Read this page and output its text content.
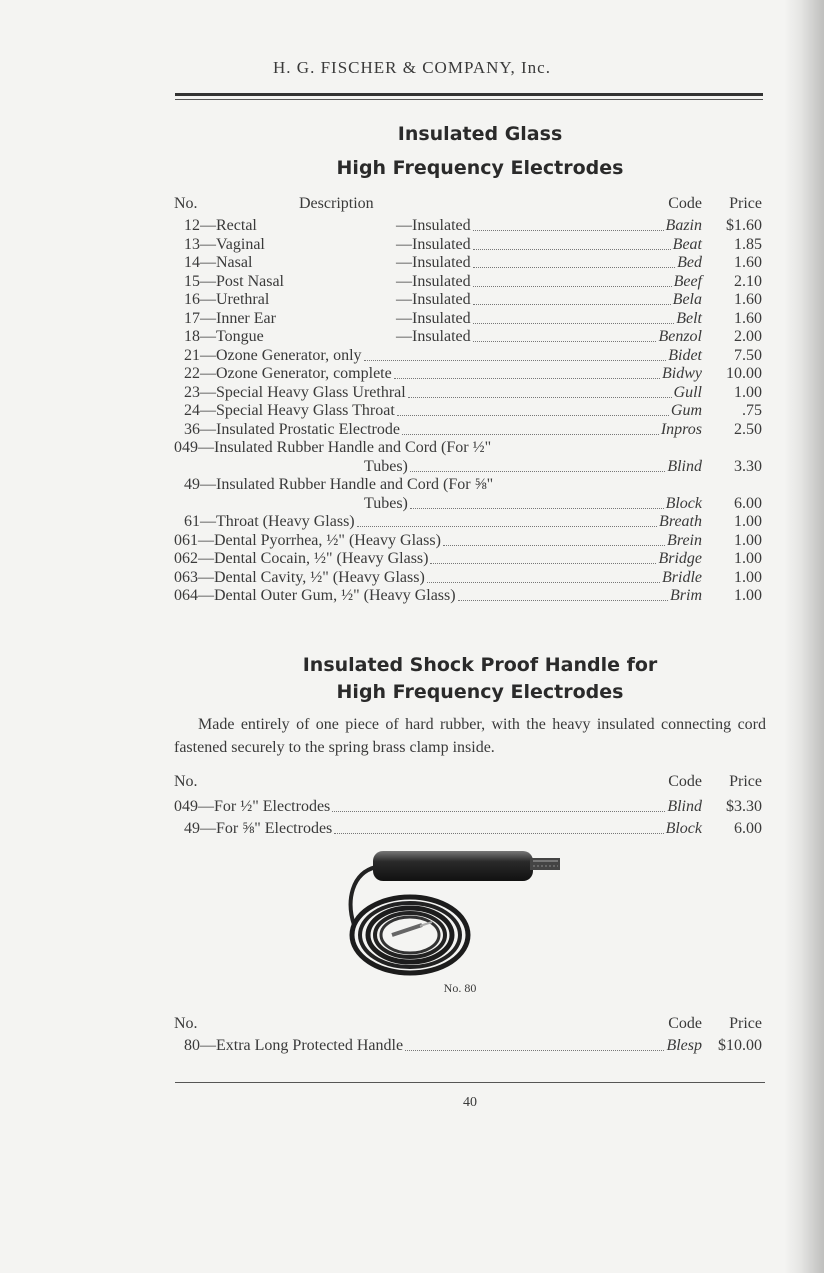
H. G. FISCHER & COMPANY, Inc.
Insulated Glass
High Frequency Electrodes
No.	Description	Code Price
12—Rectal	—Insulated	Bazin $1.60
13—Vaginal	—Insulated	Beat 1.85
14—Nasal	—Insulated	Bed 1.60
15—Post Nasal	—Insulated	Beef 2.10
16—Urethral	—Insulated	Bela 1.60
17—Inner Ear	—Insulated	Belt 1.60
18—Tongue	—Insulated	Benzol 2.00
21—Ozone Generator, only	Bidet 7.50
22—Ozone Generator, complete	Bidwy 10.00
23—Special Heavy Glass Urethral	Gull 1.00
24—Special Heavy Glass Throat	Gum	.75
36—Insulated Prostatic Electrode	Inpros 2.50
049—Insulated Rubber Handle and Cord (For ½"
Tubes)	Blind 3.30
49—Insulated Rubber Handle and Cord (For ⅝"
Tubes)	Block 6.00
61—Throat (Heavy Glass)	Breath 1.00
061—Dental Pyorrhea, ½" (Heavy Glass)	Brein 1.00
062—Dental Cocain, ½" (Heavy Glass)	Bridge 1.00
063—Dental Cavity, ½" (Heavy Glass)	Bridle 1.00
064—Dental Outer Gum, ½" (Heavy Glass)	Brim 1.00
Insulated Shock Proof Handle for
High Frequency Electrodes
Made entirely of one piece of hard rubber, with the heavy insulated connecting cord fastened securely to the spring brass clamp inside.
No.	Code Price
049—For ½" Electrodes	Blind $3.30
49—For ⅝" Electrodes	Block 6.00
No. 80
No.	Code Price
80—Extra Long Protected Handle	Blesp $10.00
40
